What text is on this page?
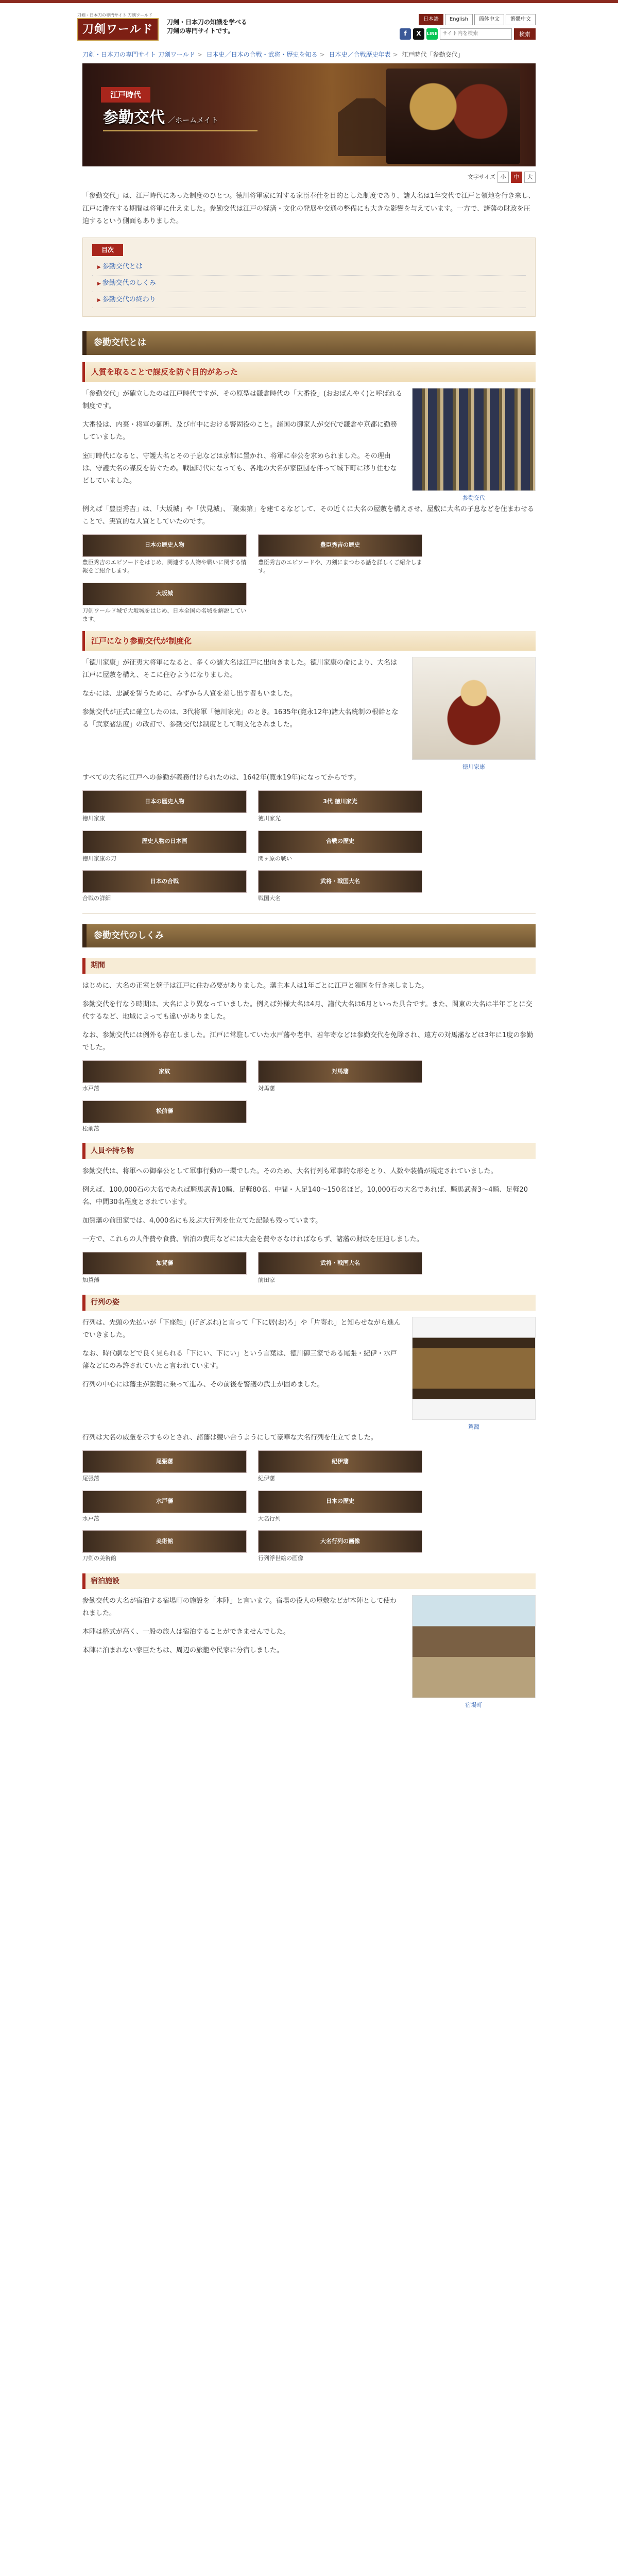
刀剣・日本刀の専門サイト 刀剣ワールド
刀剣ワールド
刀剣・日本刀の知識を学べる
刀剣の専門サイトです。
日本語	English	簡体中文	繁體中文
f	X	LINE
サイト内を検索	検索
刀剣・日本刀の専門サイト 刀剣ワールド > 日本史／日本の合戦・武将・歴史を知る > 日本史／合戦歴史年表 > 江戸時代「参勤交代」
江戸時代
参勤交代 ／ホームメイト
文字サイズ 小	中	大

「参勤交代」は、江戸時代にあった制度のひとつ。徳川将軍家に対する家臣奉仕を目的とした制度であり、諸大名は1年交代で江戸と領地を行き来し、江戸に滞在する期間は将軍に仕えました。参勤交代は江戸の経済・文化の発展や交通の整備にも大きな影響を与えています。一方で、諸藩の財政を圧迫するという側面もありました。

目次
▶ 参勤交代とは
▶ 参勤交代のしくみ
▶ 参勤交代の終わり
参勤交代とは
人質を取ることで謀反を防ぐ目的があった

「参勤交代」が確立したのは江戸時代ですが、その原型は鎌倉時代の「大番役」(おおばんやく)と呼ばれる制度です。

大番役は、内裏・将軍の御所、及び市中における警固役のこと。諸国の御家人が交代で鎌倉や京都に勤務していました。

室町時代になると、守護大名とその子息などは京都に置かれ、将軍に奉公を求められました。その理由は、守護大名の謀反を防ぐため。戦国時代になっても、各地の大名が家臣団を伴って城下町に移り住むなどしていました。

参勤交代

例えば「豊臣秀吉」は、「大坂城」や「伏見城」、「聚楽第」を建てるなどして、その近くに大名の屋敷を構えさせ、屋敷に大名の子息などを住まわせることで、実質的な人質としていたのです。

日本の歴史人物
豊臣秀吉のエピソードをはじめ、関連する人物や戦いに関する情報をご紹介します。
豊臣秀吉の歴史
豊臣秀吉のエピソードや、刀剣にまつわる話を詳しくご紹介します。
大坂城
刀剣ワールド城で大坂城をはじめ、日本全国の名城を解説しています。
江戸になり参勤交代が制度化

「徳川家康」が征夷大将軍になると、多くの諸大名は江戸に出向きました。徳川家康の命により、大名は江戸に屋敷を構え、そこに住むようになりました。

なかには、忠誠を誓うために、みずから人質を差し出す者もいました。

参勤交代が正式に確立したのは、3代将軍「徳川家光」のとき。1635年(寛永12年)諸大名統制の根幹となる「武家諸法度」の改訂で、参勤交代は制度として明文化されました。

徳川家康

すべての大名に江戸への参勤が義務付けられたのは、1642年(寛永19年)になってからです。

日本の歴史人物
徳川家康
3代 徳川家光
徳川家光
歴史人物の日本画
徳川家康の刀
合戦の歴史
関ヶ原の戦い
日本の合戦
合戦の詳細
武将・戦国大名
戦国大名
参勤交代のしくみ
期間

はじめに、大名の正室と嫡子は江戸に住む必要がありました。藩主本人は1年ごとに江戸と領国を行き来しました。

参勤交代を行なう時期は、大名により異なっていました。例えば外様大名は4月、譜代大名は6月といった具合です。また、関東の大名は半年ごとに交代するなど、地域によっても違いがありました。

なお、参勤交代には例外も存在しました。江戸に常駐していた水戸藩や老中、若年寄などは参勤交代を免除され、遠方の対馬藩などは3年に1度の参勤でした。

家紋
水戸藩
対馬藩
対馬藩
松前藩
松前藩
人員や持ち物

参勤交代は、将軍への御奉公として軍事行動の一環でした。そのため、大名行列も軍事的な形をとり、人数や装備が規定されていました。

例えば、100,000石の大名であれば騎馬武者10騎、足軽80名、中間・人足140〜150名ほど。10,000石の大名であれば、騎馬武者3〜4騎、足軽20名、中間30名程度とされています。

加賀藩の前田家では、4,000名にも及ぶ大行列を仕立てた記録も残っています。

一方で、これらの人件費や食費、宿泊の費用などには大金を費やさなければならず、諸藩の財政を圧迫しました。

加賀藩
加賀藩
武将・戦国大名
前田家
行列の姿

行列は、先頭の先払いが「下座触」(げざぶれ)と言って「下に居(お)ろ」や「片寄れ」と知らせながら進んでいきました。

なお、時代劇などで良く見られる「下にい、下にい」という言葉は、徳川御三家である尾張・紀伊・水戸藩などにのみ許されていたと言われています。

行列の中心には藩主が駕籠に乗って進み、その前後を警護の武士が固めました。

駕籠

行列は大名の威厳を示すものとされ、諸藩は競い合うようにして豪華な大名行列を仕立てました。

尾張藩
尾張藩
紀伊藩
紀伊藩
水戸藩
水戸藩
日本の歴史
大名行列
美術館
刀剣の美術館
大名行列の画像
行列浮世絵の画像
宿泊施設

参勤交代の大名が宿泊する宿場町の施設を「本陣」と言います。宿場の役人の屋敷などが本陣として使われました。

本陣は格式が高く、一般の旅人は宿泊することができませんでした。

本陣に泊まれない家臣たちは、周辺の旅籠や民家に分宿しました。

宿場町
